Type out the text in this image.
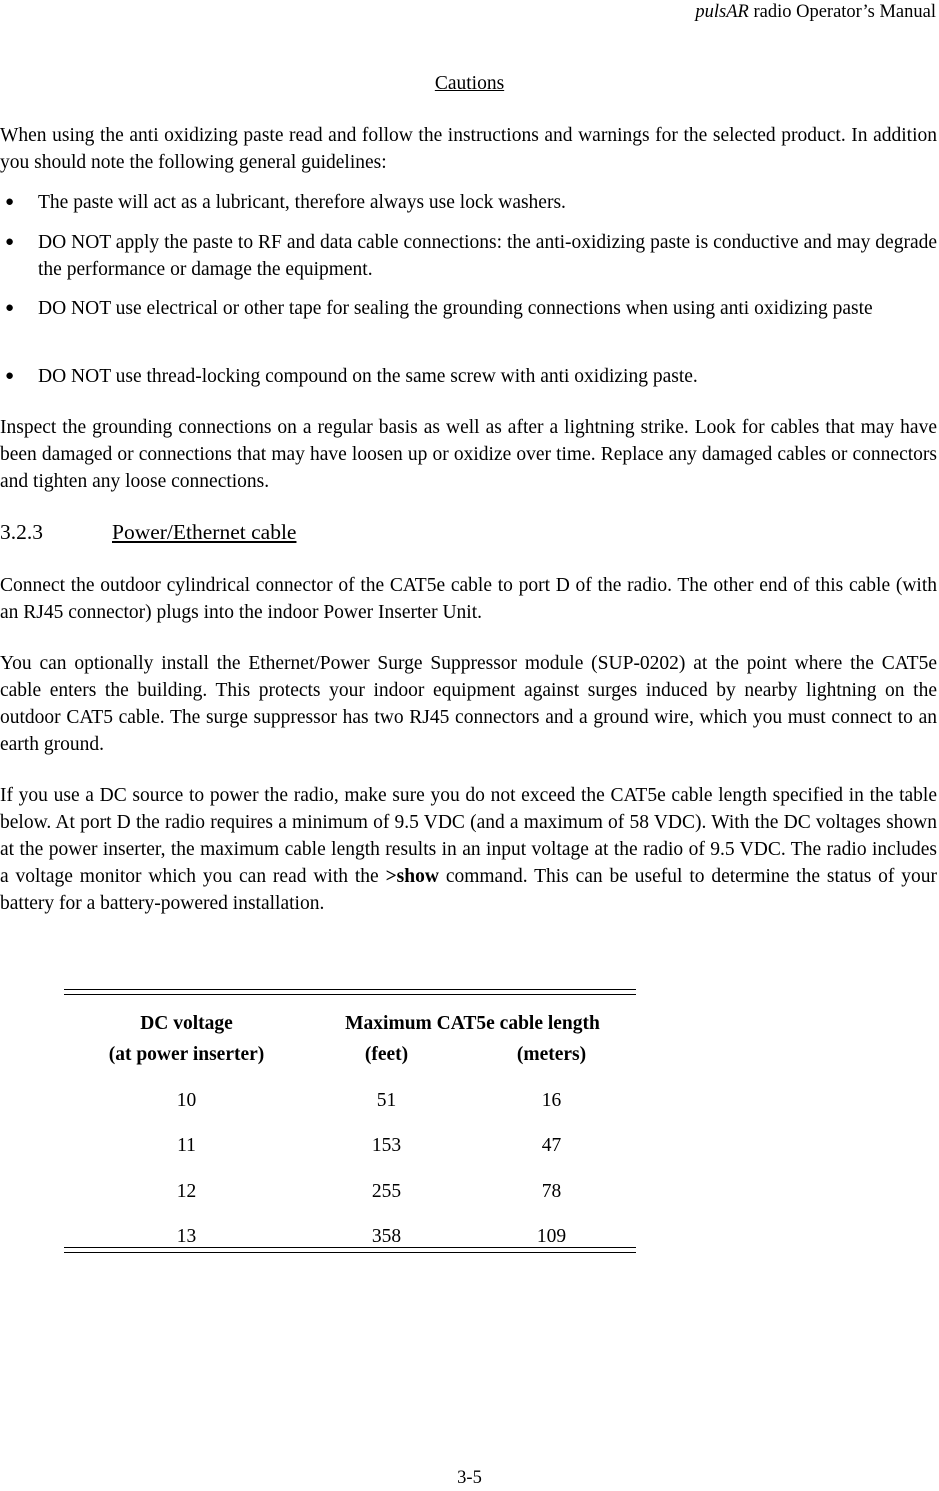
pulsAR radio Operator’s Manual
Cautions
When using the anti oxidizing paste read and follow the instructions and warnings for the selected product. In addition you should note the following general guidelines:
● The paste will act as a lubricant, therefore always use lock washers.
● DO NOT apply the paste to RF and data cable connections: the anti-oxidizing paste is conductive and may degrade the performance or damage the equipment.
● DO NOT use electrical or other tape for sealing the grounding connections when using anti oxidizing paste
● DO NOT use thread-locking compound on the same screw with anti oxidizing paste.
Inspect the grounding connections on a regular basis as well as after a lightning strike. Look for cables that may have been damaged or connections that may have loosen up or oxidize over time. Replace any damaged cables or connectors and tighten any loose connections.
3.2.3	Power/Ethernet cable
Connect the outdoor cylindrical connector of the CAT5e cable to port D of the radio. The other end of this cable (with an RJ45 connector) plugs into the indoor Power Inserter Unit.
You can optionally install the Ethernet/Power Surge Suppressor module (SUP-0202) at the point where the CAT5e cable enters the building. This protects your indoor equipment against surges induced by nearby lightning on the outdoor CAT5 cable. The surge suppressor has two RJ45 connectors and a ground wire, which you must connect to an earth ground.
If you use a DC source to power the radio, make sure you do not exceed the CAT5e cable length specified in the table below. At port D the radio requires a minimum of 9.5 VDC (and a maximum of 58 VDC). With the DC voltages shown at the power inserter, the maximum cable length results in an input voltage at the radio of 9.5 VDC. The radio includes a voltage monitor which you can read with the >show command. This can be useful to determine the status of your battery for a battery-powered installation.
DC voltage	Maximum CAT5e cable length
(at power inserter)	(feet)	(meters)
10	51	16
11	153	47
12	255	78
13	358	109
3-5
